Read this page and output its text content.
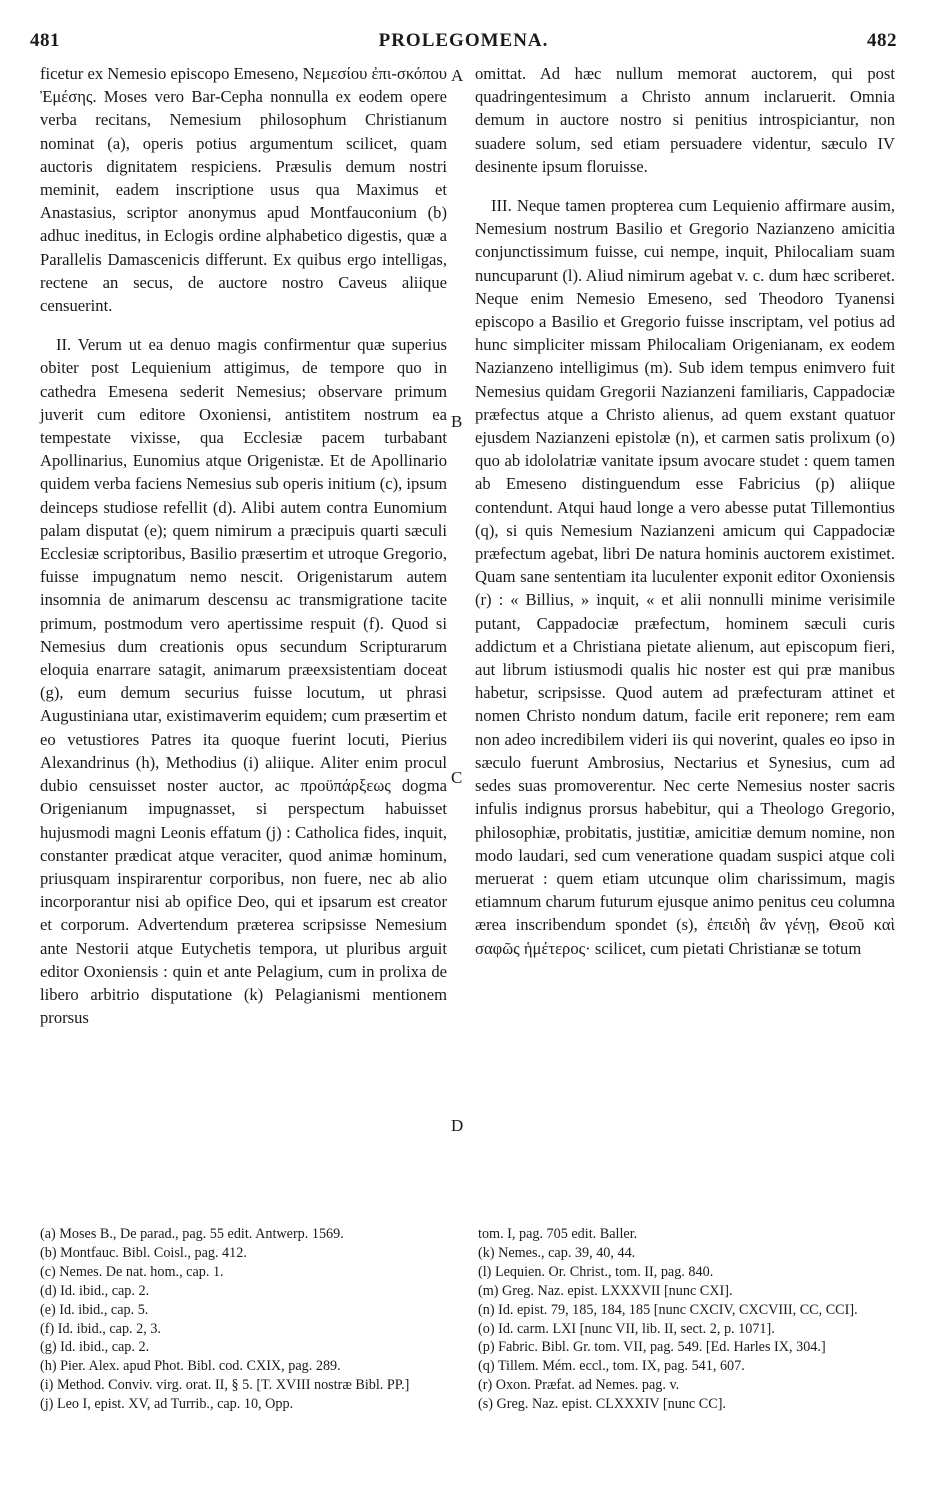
481	PROLEGOMENA.	482

ficetur ex Nemesio episcopo Emeseno, Νεμεσίου ἐπι-σκόπου Ἐμέσης. Moses vero Bar-Cepha nonnulla ex eodem opere verba recitans, Nemesium philosophum Christianum nominat (a), operis potius argumentum scilicet, quam auctoris dignitatem respiciens. Præsulis demum nostri meminit, eadem inscriptione usus qua Maximus et Anastasius, scriptor anonymus apud Montfauconium (b) adhuc ineditus, in Eclogis ordine alphabetico digestis, quæ a Parallelis Damascenicis differunt. Ex quibus ergo intelligas, rectene an secus, de auctore nostro Caveus aliique censuerint.

II. Verum ut ea denuo magis confirmentur quæ superius obiter post Lequienium attigimus, de tempore quo in cathedra Emesena sederit Nemesius; observare primum juverit cum editore Oxoniensi, antistitem nostrum ea tempestate vixisse, qua Ecclesiæ pacem turbabant Apollinarius, Eunomius atque Origenistæ. Et de Apollinario quidem verba faciens Nemesius sub operis initium (c), ipsum deinceps studiose refellit (d). Alibi autem contra Eunomium palam disputat (e); quem nimirum a præcipuis quarti sæculi Ecclesiæ scriptoribus, Basilio præsertim et utroque Gregorio, fuisse impugnatum nemo nescit. Origenistarum autem insomnia de animarum descensu ac transmigratione tacite primum, postmodum vero apertissime respuit (f). Quod si Nemesius dum creationis opus secundum Scripturarum eloquia enarrare satagit, animarum præexsistentiam doceat (g), eum demum securius fuisse locutum, ut phrasi Augustiniana utar, existimaverim equidem; cum præsertim et eo vetustiores Patres ita quoque fuerint locuti, Pierius Alexandrinus (h), Methodius (i) aliique. Aliter enim procul dubio censuisset noster auctor, ac προϋπάρξεως dogma Origenianum impugnasset, si perspectum habuisset hujusmodi magni Leonis effatum (j) : Catholica fides, inquit, constanter prædicat atque veraciter, quod animæ hominum, priusquam inspirarentur corporibus, non fuere, nec ab alio incorporantur nisi ab opifice Deo, qui et ipsarum est creator et corporum. Advertendum præterea scripsisse Nemesium ante Nestorii atque Eutychetis tempora, ut pluribus arguit editor Oxoniensis : quin et ante Pelagium, cum in prolixa de libero arbitrio disputatione (k) Pelagianismi mentionem prorsus

omittat. Ad hæc nullum memorat auctorem, qui post quadringentesimum a Christo annum inclaruerit. Omnia demum in auctore nostro si penitius introspiciantur, non suadere solum, sed etiam persuadere videntur, sæculo IV desinente ipsum floruisse.

III. Neque tamen propterea cum Lequienio affirmare ausim, Nemesium nostrum Basilio et Gregorio Nazianzeno amicitia conjunctissimum fuisse, cui nempe, inquit, Philocaliam suam nuncuparunt (l). Aliud nimirum agebat v. c. dum hæc scriberet. Neque enim Nemesio Emeseno, sed Theodoro Tyanensi episcopo a Basilio et Gregorio fuisse inscriptam, vel potius ad hunc simpliciter missam Philocaliam Origenianam, ex eodem Nazianzeno intelligimus (m). Sub idem tempus enimvero fuit Nemesius quidam Gregorii Nazianzeni familiaris, Cappadociæ præfectus atque a Christo alienus, ad quem exstant quatuor ejusdem Nazianzeni epistolæ (n), et carmen satis prolixum (o) quo ab idololatriæ vanitate ipsum avocare studet : quem tamen ab Emeseno distinguendum esse Fabricius (p) aliique contendunt. Atqui haud longe a vero abesse putat Tillemontius (q), si quis Nemesium Nazianzeni amicum qui Cappadociæ præfectum agebat, libri De natura hominis auctorem existimet. Quam sane sententiam ita luculenter exponit editor Oxoniensis (r) : « Billius, » inquit, « et alii nonnulli minime verisimile putant, Cappadociæ præfectum, hominem sæculi curis addictum et a Christiana pietate alienum, aut episcopum fieri, aut librum istiusmodi qualis hic noster est qui præ manibus habetur, scripsisse. Quod autem ad præfecturam attinet et nomen Christo nondum datum, facile erit reponere; rem eam non adeo incredibilem videri iis qui noverint, quales eo ipso in sæculo fuerunt Ambrosius, Nectarius et Synesius, cum ad sedes suas promoverentur. Nec certe Nemesius noster sacris infulis indignus prorsus habebitur, qui a Theologo Gregorio, philosophiæ, probitatis, justitiæ, amicitiæ demum nomine, non modo laudari, sed cum veneratione quadam suspici atque coli meruerat : quem etiam utcunque olim charissimum, magis etiamnum charum futurum ejusque animo penitus ceu columna ærea inscribendum spondet (s), ἐπειδὴ ἂν γένῃ, Θεοῦ καὶ σαφῶς ἡμέτερος· scilicet, cum pietati Christianæ se totum

A
B
C
D

(a) Moses B., De parad., pag. 55 edit. Antwerp. 1569.

(b) Montfauc. Bibl. Coisl., pag. 412.

(c) Nemes. De nat. hom., cap. 1.

(d) Id. ibid., cap. 2.

(e) Id. ibid., cap. 5.

(f) Id. ibid., cap. 2, 3.

(g) Id. ibid., cap. 2.

(h) Pier. Alex. apud Phot. Bibl. cod. CXIX, pag. 289.

(i) Method. Conviv. virg. orat. II, § 5. [T. XVIII nostræ Bibl. PP.]

(j) Leo I, epist. XV, ad Turrib., cap. 10, Opp.

tom. I, pag. 705 edit. Baller.

(k) Nemes., cap. 39, 40, 44.

(l) Lequien. Or. Christ., tom. II, pag. 840.

(m) Greg. Naz. epist. LXXXVII [nunc CXI].

(n) Id. epist. 79, 185, 184, 185 [nunc CXCIV, CXCVIII, CC, CCI].

(o) Id. carm. LXI [nunc VII, lib. II, sect. 2, p. 1071].

(p) Fabric. Bibl. Gr. tom. VII, pag. 549. [Ed. Harles IX, 304.]

(q) Tillem. Mém. eccl., tom. IX, pag. 541, 607.

(r) Oxon. Præfat. ad Nemes. pag. v.

(s) Greg. Naz. epist. CLXXXIV [nunc CC].
